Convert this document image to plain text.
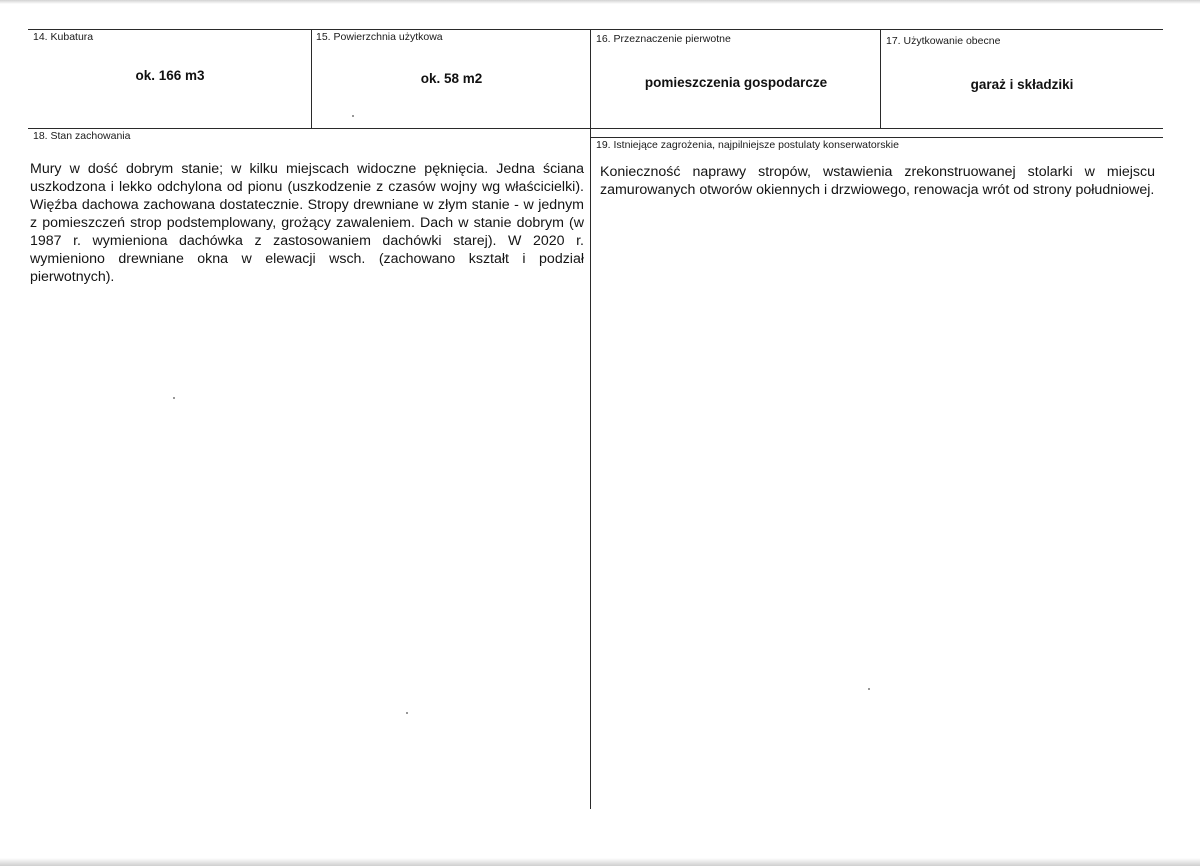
14. Kubatura
ok. 166 m3
15. Powierzchnia użytkowa
ok. 58 m2
16. Przeznaczenie pierwotne
pomieszczenia gospodarcze
17. Użytkowanie obecne
garaż i składziki
18. Stan zachowania
Mury w dość dobrym stanie; w kilku miejscach widoczne pęknięcia. Jedna ściana uszkodzona i lekko odchylona od pionu (uszkodzenie z czasów wojny wg właścicielki). Więźba dachowa zachowana dostatecznie. Stropy drewniane w złym stanie - w jednym z pomieszczeń strop podstemplowany, grożący zawaleniem. Dach w stanie dobrym (w 1987 r. wymieniona dachówka z zastosowaniem dachówki starej). W 2020 r. wymieniono drewniane okna w elewacji wsch. (zachowano kształt i podział pierwotnych).
19. Istniejące zagrożenia, najpilniejsze postulaty konserwatorskie
Konieczność naprawy stropów, wstawienia zrekonstruowanej stolarki w miejscu zamurowanych otworów okiennych i drzwiowego, renowacja wrót od strony południowej.
